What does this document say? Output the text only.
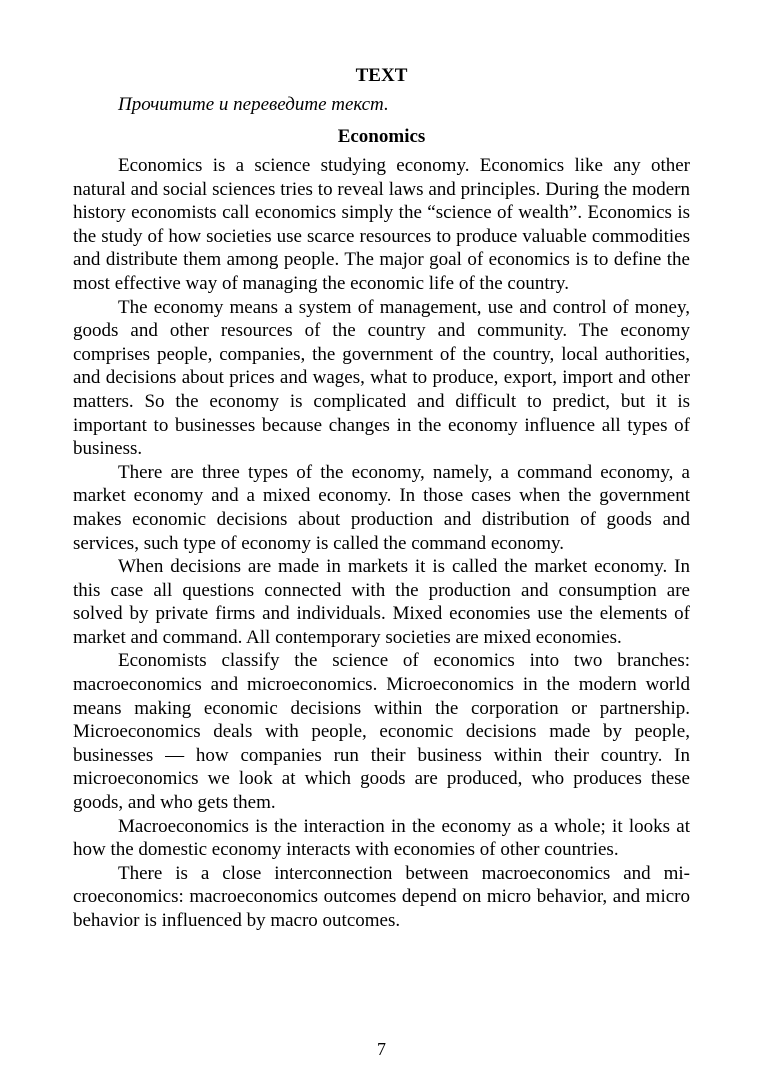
TEXT

Прочитите и переведите текст.

Economics

Economics is a science studying economy. Economics like any other natural and social sciences tries to reveal laws and principles. During the modern history economists call economics simply the “science of wealth”. Economics is the study of how societies use scarce resources to produce valuable commodities and distribute them among people. The major goal of economics is to define the most effective way of managing the economic life of the country.

The economy means a system of management, use and control of money, goods and other resources of the country and community. The economy comprises people, companies, the government of the country, local authorities, and decisions about prices and wages, what to produce, export, import and other matters. So the economy is complicated and difficult to predict, but it is important to businesses because changes in the economy influence all types of business.

There are three types of the economy, namely, a command economy, a market economy and a mixed economy. In those cases when the government makes economic decisions about production and distribution of goods and services, such type of economy is called the command economy.

When decisions are made in markets it is called the market economy. In this case all questions connected with the production and consumption are solved by private firms and individuals. Mixed economies use the elements of market and command. All contemporary societies are mixed economies.

Economists classify the science of economics into two branches: macroeconomics and microeconomics. Microeconomics in the modern world means making economic decisions within the corporation or partnership. Microeconomics deals with people, economic decisions made by people, businesses — how companies run their business within their country. In microeconomics we look at which goods are produced, who produces these goods, and who gets them.

Macroeconomics is the interaction in the economy as a whole; it looks at how the domestic economy interacts with economies of other countries.

There is a close interconnection between macroeconomics and microeconomics: macroeconomics outcomes depend on micro behavior, and micro behavior is influenced by macro outcomes.

7
